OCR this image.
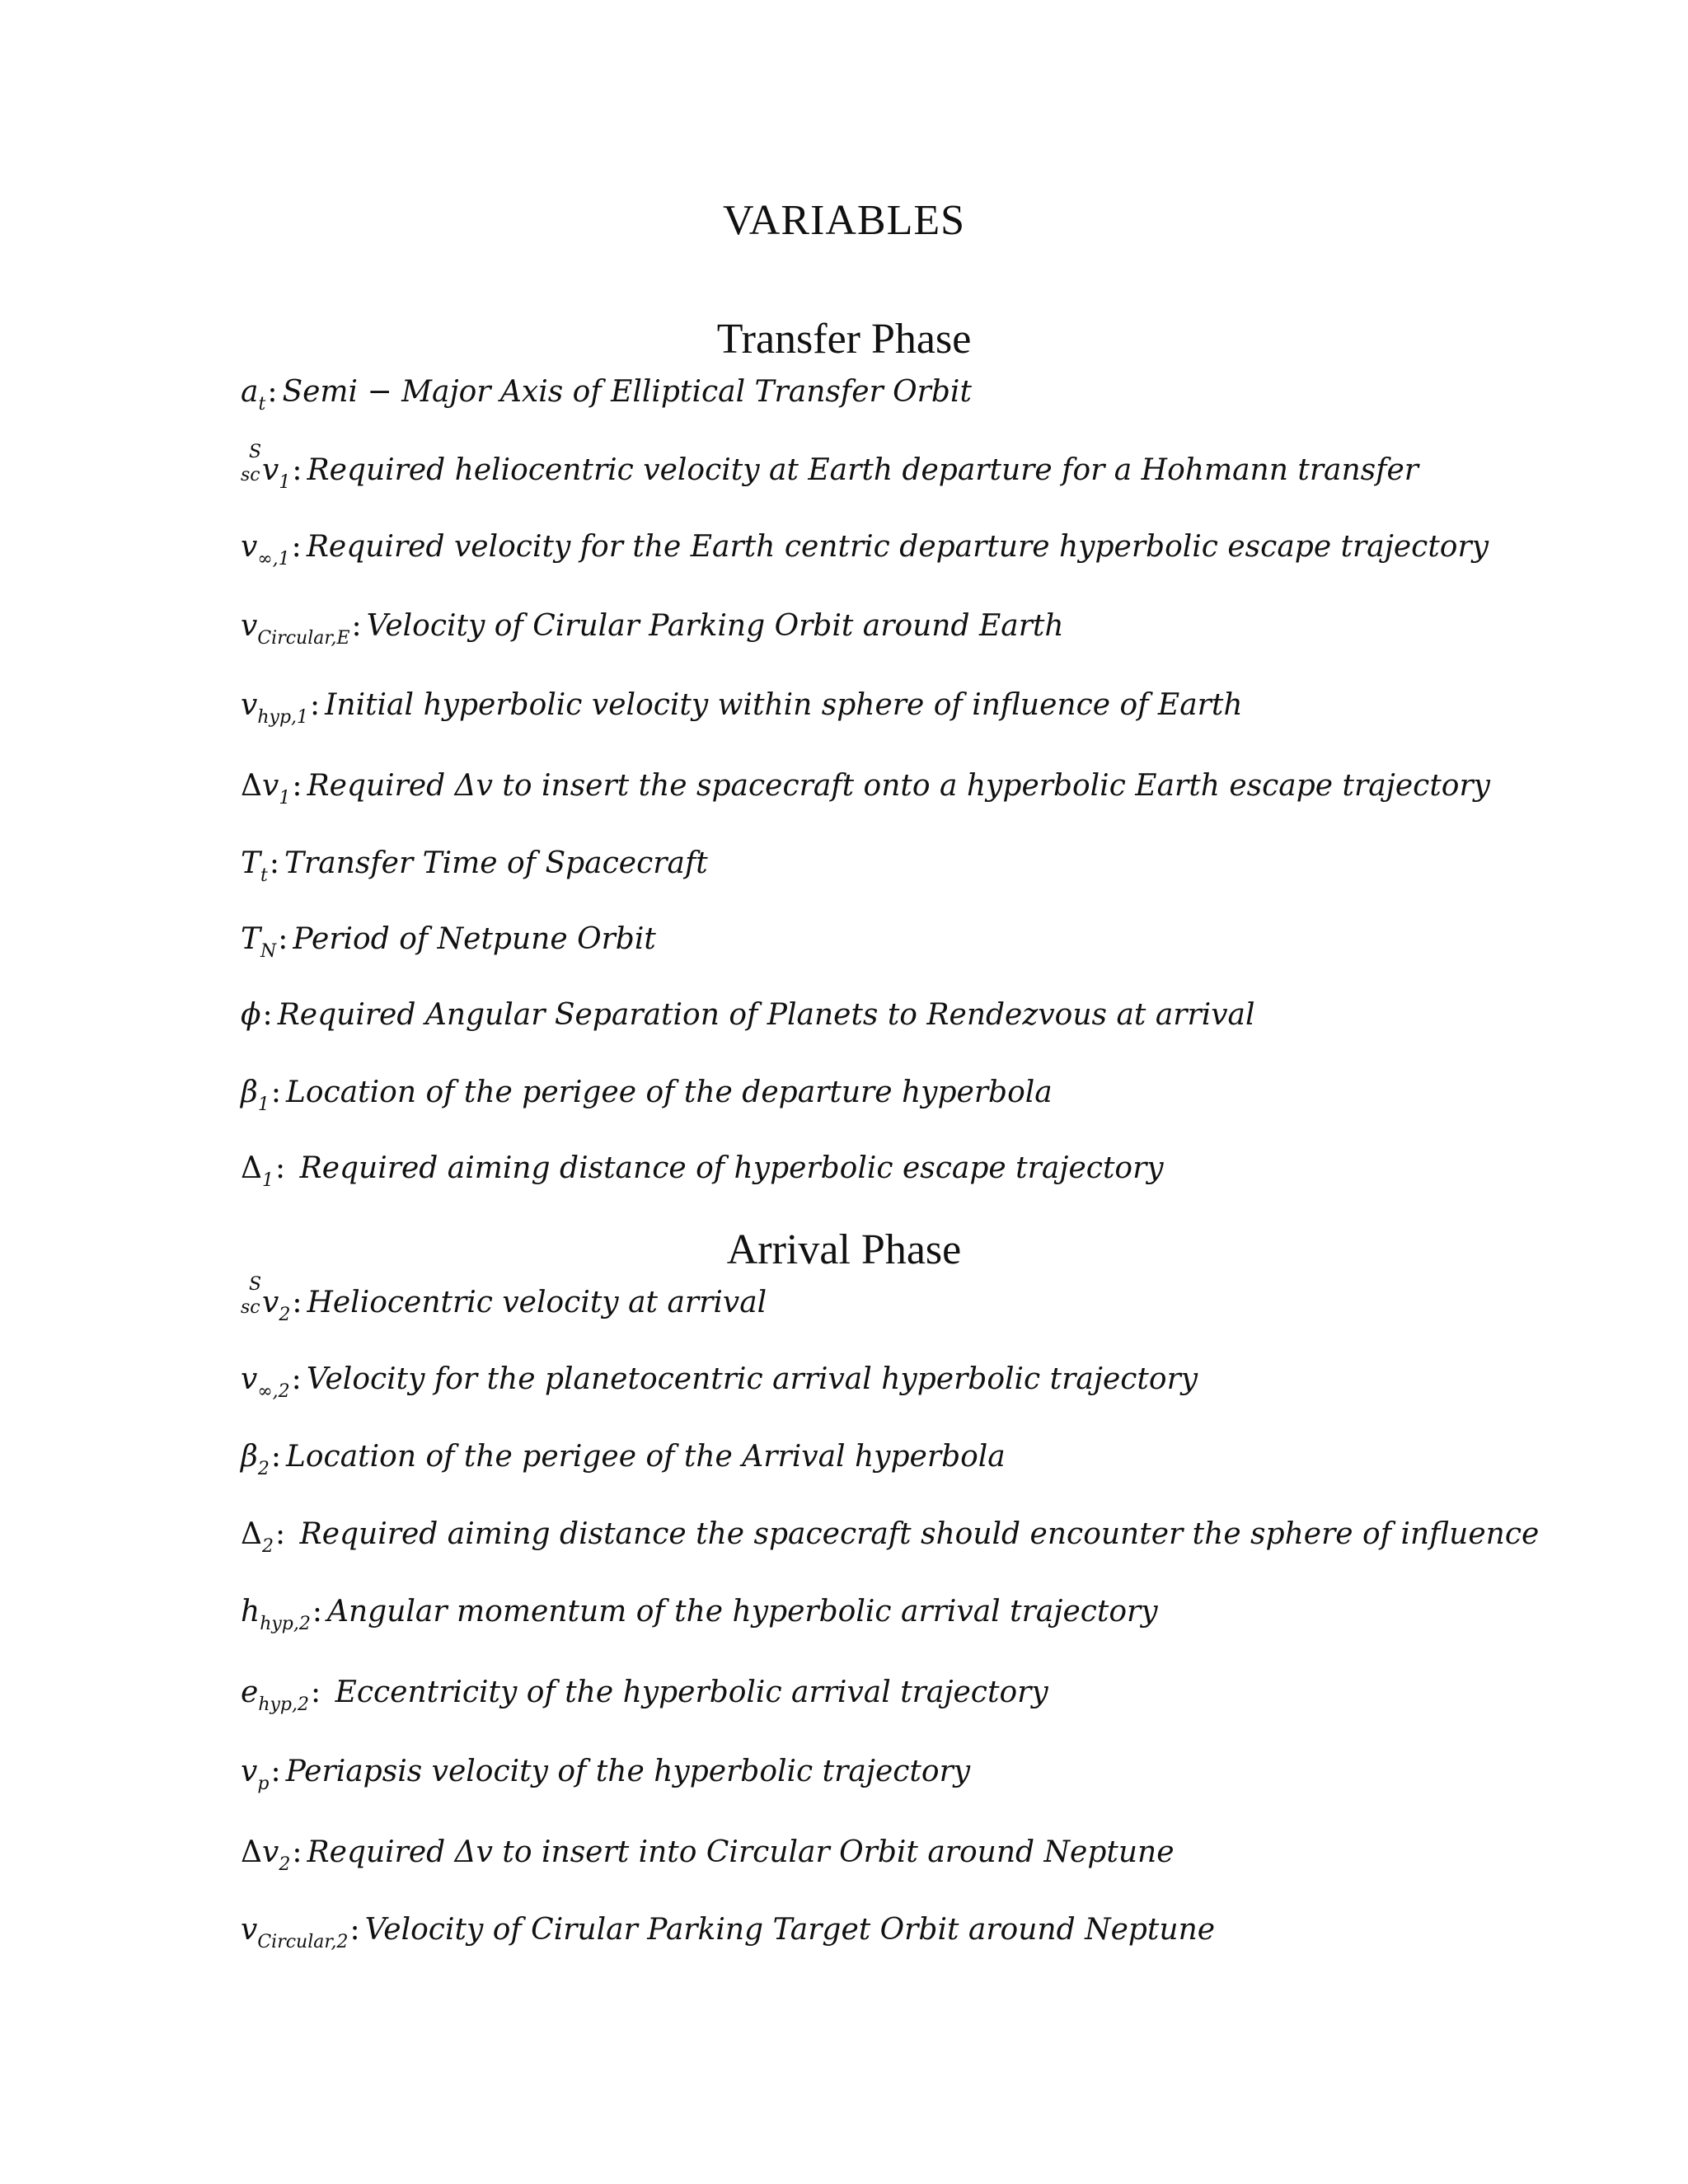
VARIABLES
Transfer Phase
$a_t$: Semi − Major Axis of Elliptical Transfer Orbit
S
sc $v_1$: Required heliocentric velocity at Earth departure for a Hohmann transfer
$v_{\infty,1}$: Required velocity for the Earth centric departure hyperbolic escape trajectory
$v_{Circular,E}$: Velocity of Cirular Parking Orbit around Earth
$v_{hyp,1}$: Initial hyperbolic velocity within sphere of influence of Earth
$\Delta v_1$: Required Δv to insert the spacecraft onto a hyperbolic Earth escape trajectory
$T_t$: Transfer Time of Spacecraft
$T_N$: Period of Netpune Orbit
ϕ: Required Angular Separation of Planets to Rendezvous at arrival
$\beta_1$: Location of the perigee of the departure hyperbola
$\Delta_1$: Required aiming distance of hyperbolic escape trajectory
Arrival Phase
S
sc $v_2$: Heliocentric velocity at arrival
$v_{\infty,2}$: Velocity for the planetocentric arrival hyperbolic trajectory
$\beta_2$: Location of the perigee of the Arrival hyperbola
$\Delta_2$: Required aiming distance the spacecraft should encounter the sphere of influence
$h_{hyp,2}$: Angular momentum of the hyperbolic arrival trajectory
$e_{hyp,2}$: Eccentricity of the hyperbolic arrival trajectory
$v_p$: Periapsis velocity of the hyperbolic trajectory
$\Delta v_2$: Required Δv to insert into Circular Orbit around Neptune
$v_{Circular,2}$: Velocity of Cirular Parking Target Orbit around Neptune
